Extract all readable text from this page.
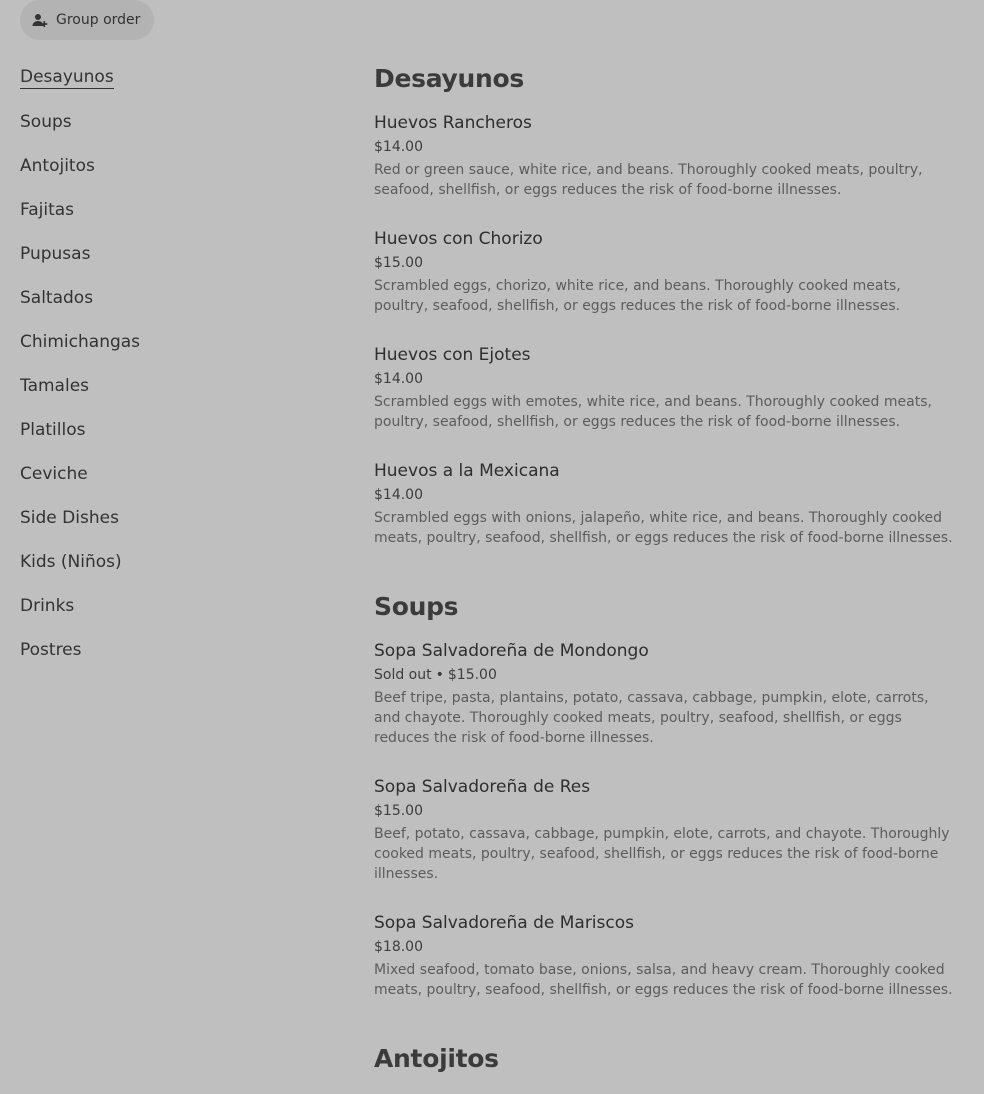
Group order
Desayunos
Soups
Antojitos
Fajitas
Pupusas
Saltados
Chimichangas
Tamales
Platillos
Ceviche
Side Dishes
Kids (Niños)
Drinks
Postres
Desayunos
Huevos Rancheros
$14.00
Red or green sauce, white rice, and beans. Thoroughly cooked meats, poultry, seafood, shellfish, or eggs reduces the risk of food-borne illnesses.
Huevos con Chorizo
$15.00
Scrambled eggs, chorizo, white rice, and beans. Thoroughly cooked meats, poultry, seafood, shellfish, or eggs reduces the risk of food-borne illnesses.
Huevos con Ejotes
$14.00
Scrambled eggs with emotes, white rice, and beans. Thoroughly cooked meats, poultry, seafood, shellfish, or eggs reduces the risk of food-borne illnesses.
Huevos a la Mexicana
$14.00
Scrambled eggs with onions, jalapeño, white rice, and beans. Thoroughly cooked meats, poultry, seafood, shellfish, or eggs reduces the risk of food-borne illnesses.
Soups
Sopa Salvadoreña de Mondongo
Sold out • $15.00
Beef tripe, pasta, plantains, potato, cassava, cabbage, pumpkin, elote, carrots, and chayote. Thoroughly cooked meats, poultry, seafood, shellfish, or eggs reduces the risk of food-borne illnesses.
Sopa Salvadoreña de Res
$15.00
Beef, potato, cassava, cabbage, pumpkin, elote, carrots, and chayote. Thoroughly cooked meats, poultry, seafood, shellfish, or eggs reduces the risk of food-borne illnesses.
Sopa Salvadoreña de Mariscos
$18.00
Mixed seafood, tomato base, onions, salsa, and heavy cream. Thoroughly cooked meats, poultry, seafood, shellfish, or eggs reduces the risk of food-borne illnesses.
Antojitos
